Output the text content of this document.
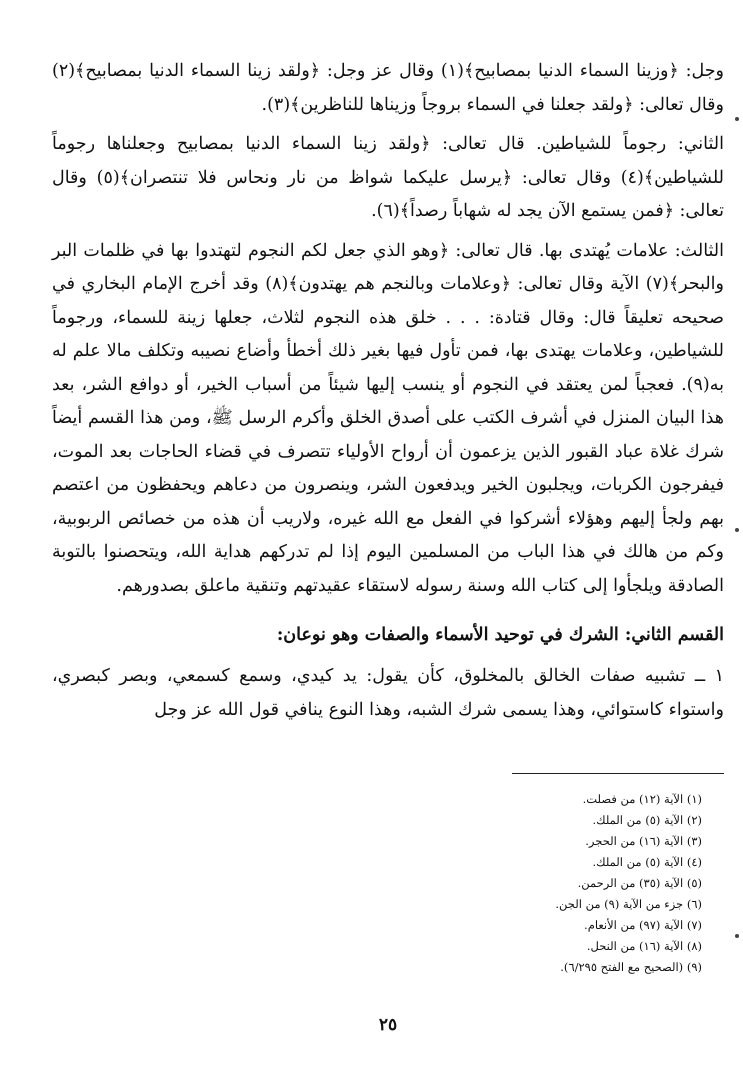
وجل: ﴿وزينا السماء الدنيا بمصابيح﴾(١) وقال عز وجل: ﴿ولقد زينا السماء الدنيا بمصابيح﴾(٢) وقال تعالى: ﴿ولقد جعلنا في السماء بروجاً وزيناها للناظرين﴾(٣).

الثاني: رجوماً للشياطين. قال تعالى: ﴿ولقد زينا السماء الدنيا بمصابيح وجعلناها رجوماً للشياطين﴾(٤) وقال تعالى: ﴿يرسل عليكما شواظ من نار ونحاس فلا تنتصران﴾(٥) وقال تعالى: ﴿فمن يستمع الآن يجد له شهاباً رصداً﴾(٦).

الثالث: علامات يُهتدى بها. قال تعالى: ﴿وهو الذي جعل لكم النجوم لتهتدوا بها في ظلمات البر والبحر﴾(٧) الآية وقال تعالى: ﴿وعلامات وبالنجم هم يهتدون﴾(٨) وقد أخرج الإمام البخاري في صحيحه تعليقاً قال: وقال قتادة: . . . خلق هذه النجوم لثلاث، جعلها زينة للسماء، ورجوماً للشياطين، وعلامات يهتدى بها، فمن تأول فيها بغير ذلك أخطأ وأضاع نصيبه وتكلف مالا علم له به(٩). فعجباً لمن يعتقد في النجوم أو ينسب إليها شيئاً من أسباب الخير، أو دوافع الشر، بعد هذا البيان المنزل في أشرف الكتب على أصدق الخلق وأكرم الرسل ﷺ، ومن هذا القسم أيضاً شرك غلاة عباد القبور الذين يزعمون أن أرواح الأولياء تتصرف في قضاء الحاجات بعد الموت، فيفرجون الكربات، ويجلبون الخير ويدفعون الشر، وينصرون من دعاهم ويحفظون من اعتصم بهم ولجأ إليهم وهؤلاء أشركوا في الفعل مع الله غيره، ولاريب أن هذه من خصائص الربوبية، وكم من هالك في هذا الباب من المسلمين اليوم إذا لم تدركهم هداية الله، ويتحصنوا بالتوبة الصادقة ويلجأوا إلى كتاب الله وسنة رسوله لاستقاء عقيدتهم وتنقية ماعلق بصدورهم.

القسم الثاني: الشرك في توحيد الأسماء والصفات وهو نوعان:

١ ــ تشبيه صفات الخالق بالمخلوق، كأن يقول: يد كيدي، وسمع كسمعي، وبصر كبصري، واستواء كاستوائي، وهذا يسمى شرك الشبه، وهذا النوع ينافي قول الله عز وجل

(١) الآية (١٢) من فصلت.
(٢) الآية (٥) من الملك.
(٣) الآية (١٦) من الحجر.
(٤) الآية (٥) من الملك.
(٥) الآية (٣٥) من الرحمن.
(٦) جزء من الآية (٩) من الجن.
(٧) الآية (٩٧) من الأنعام.
(٨) الآية (١٦) من النحل.
(٩) (الصحيح مع الفتح ٦/٢٩٥).
٢٥
